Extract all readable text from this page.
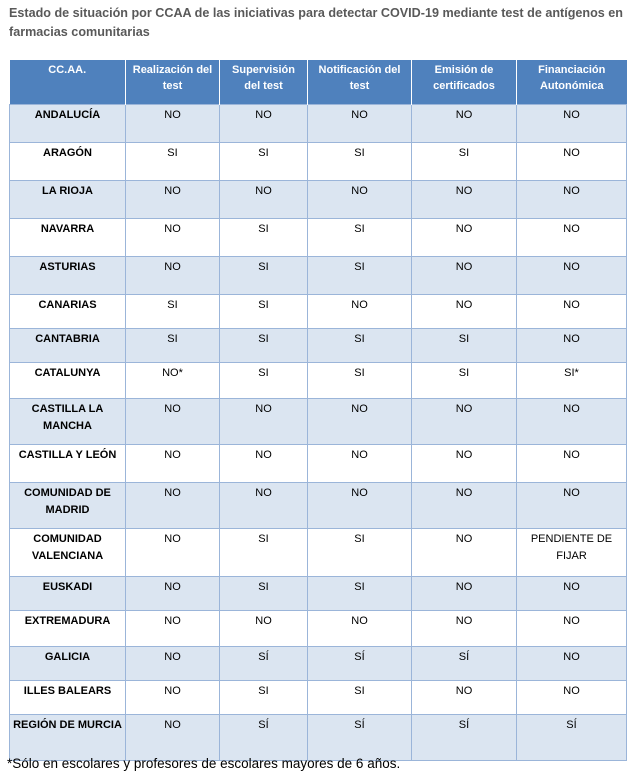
Estado de situación por CCAA de las iniciativas para detectar COVID-19 mediante test de antígenos en farmacias comunitarias
CC.AA.	Realización del test	Supervisión del test	Notificación del test	Emisión de certificados	Financiación Autonómica
ANDALUCÍA	NO	NO	NO	NO	NO
ARAGÓN	SI	SI	SI	SI	NO
LA RIOJA	NO	NO	NO	NO	NO
NAVARRA	NO	SI	SI	NO	NO
ASTURIAS	NO	SI	SI	NO	NO
CANARIAS	SI	SI	NO	NO	NO
CANTABRIA	SI	SI	SI	SI	NO
CATALUNYA	NO*	SI	SI	SI	SI*
CASTILLA LA MANCHA	NO	NO	NO	NO	NO
CASTILLA Y LEÓN	NO	NO	NO	NO	NO
COMUNIDAD DE MADRID	NO	NO	NO	NO	NO
COMUNIDAD VALENCIANA	NO	SI	SI	NO	PENDIENTE DE FIJAR
EUSKADI	NO	SI	SI	NO	NO
EXTREMADURA	NO	NO	NO	NO	NO
GALICIA	NO	SÍ	SÍ	SÍ	NO
ILLES BALEARS	NO	SI	SI	NO	NO
REGIÓN DE MURCIA	NO	SÍ	SÍ	SÍ	SÍ
*Sólo en escolares y profesores de escolares mayores de 6 años.
